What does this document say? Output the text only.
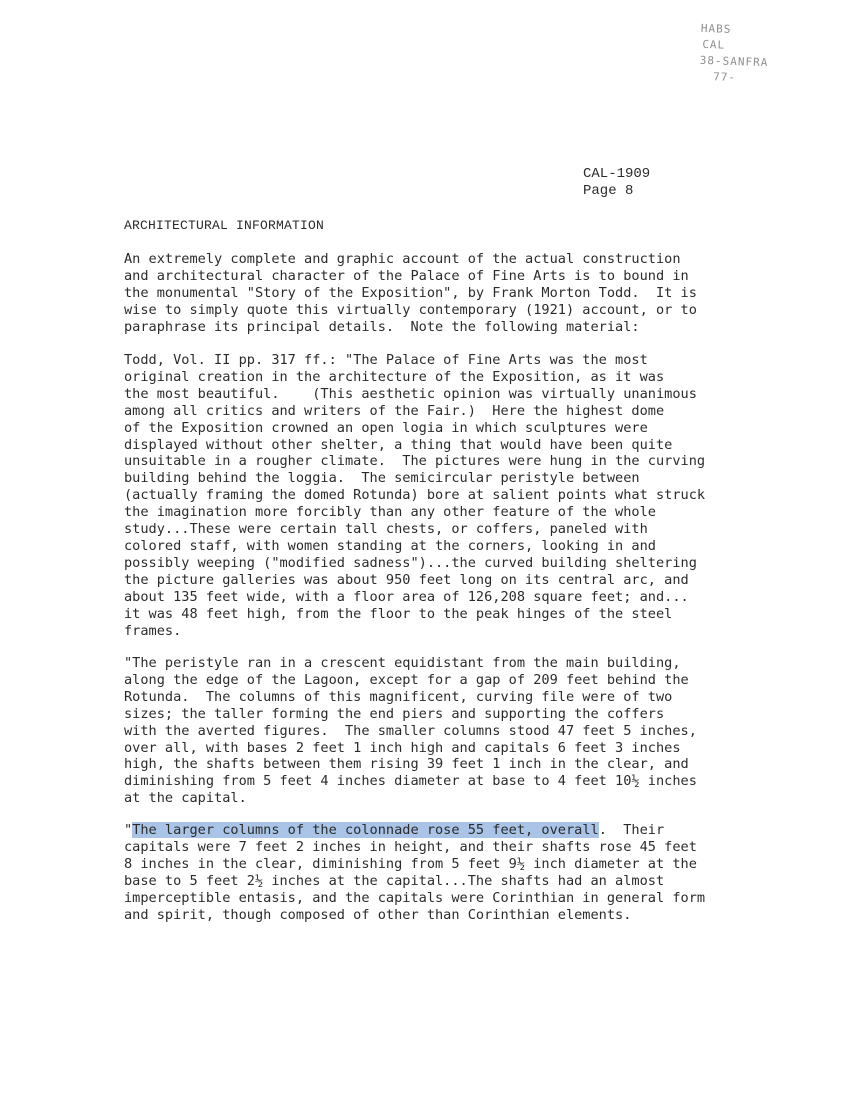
HABS
CAL
38-SANFRA
77-
CAL-1909
Page 8
ARCHITECTURAL INFORMATION
An extremely complete and graphic account of the actual construction
and architectural character of the Palace of Fine Arts is to bound in
the monumental "Story of the Exposition", by Frank Morton Todd.  It is
wise to simply quote this virtually contemporary (1921) account, or to
paraphrase its principal details.  Note the following material:
Todd, Vol. II pp. 317 ff.: "The Palace of Fine Arts was the most
original creation in the architecture of the Exposition, as it was
the most beautiful.    (This aesthetic opinion was virtually unanimous
among all critics and writers of the Fair.)  Here the highest dome
of the Exposition crowned an open logia in which sculptures were
displayed without other shelter, a thing that would have been quite
unsuitable in a rougher climate.  The pictures were hung in the curving
building behind the loggia.  The semicircular peristyle between
(actually framing the domed Rotunda) bore at salient points what struck
the imagination more forcibly than any other feature of the whole
study...These were certain tall chests, or coffers, paneled with
colored staff, with women standing at the corners, looking in and
possibly weeping ("modified sadness")...the curved building sheltering
the picture galleries was about 950 feet long on its central arc, and
about 135 feet wide, with a floor area of 126,208 square feet; and...
it was 48 feet high, from the floor to the peak hinges of the steel
frames.
"The peristyle ran in a crescent equidistant from the main building,
along the edge of the Lagoon, except for a gap of 209 feet behind the
Rotunda.  The columns of this magnificent, curving file were of two
sizes; the taller forming the end piers and supporting the coffers
with the averted figures.  The smaller columns stood 47 feet 5 inches,
over all, with bases 2 feet 1 inch high and capitals 6 feet 3 inches
high, the shafts between them rising 39 feet 1 inch in the clear, and
diminishing from 5 feet 4 inches diameter at base to 4 feet 10½ inches
at the capital.
"The larger columns of the colonnade rose 55 feet, overall.  Their
capitals were 7 feet 2 inches in height, and their shafts rose 45 feet
8 inches in the clear, diminishing from 5 feet 9½ inch diameter at the
base to 5 feet 2½ inches at the capital...The shafts had an almost
imperceptible entasis, and the capitals were Corinthian in general form
and spirit, though composed of other than Corinthian elements.
